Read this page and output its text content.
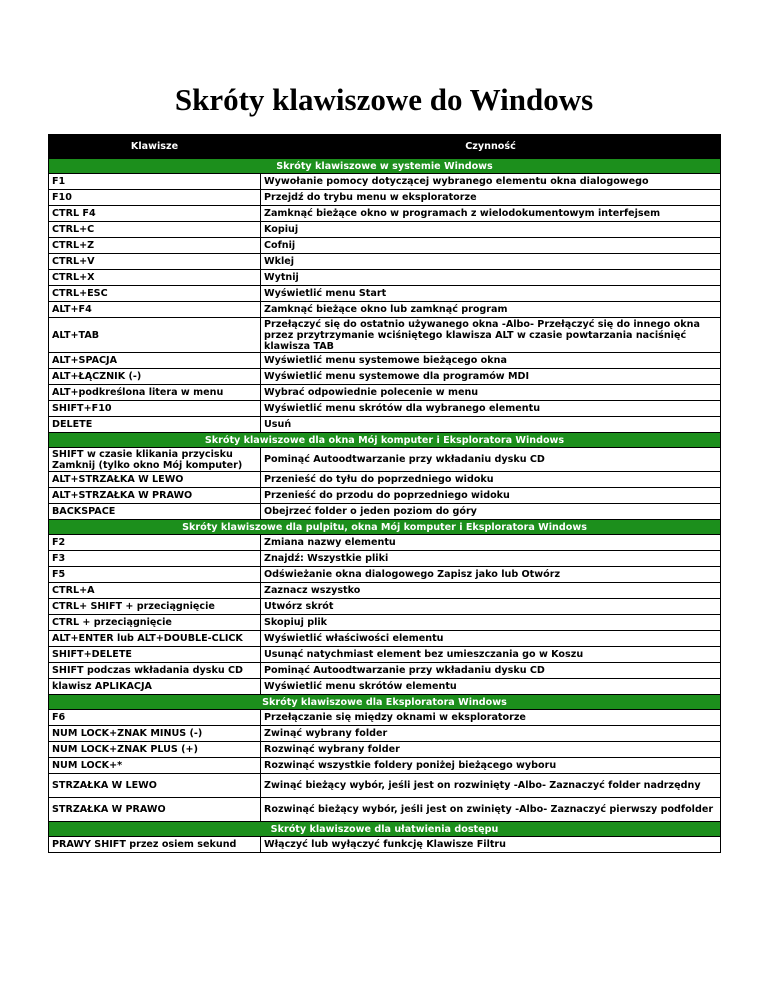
Skróty klawiszowe do Windows
Klawisze	Czynność
Skróty klawiszowe w systemie Windows	
F1	Wywołanie pomocy dotyczącej wybranego elementu okna dialogowego
F10	Przejdź do trybu menu w eksploratorze
CTRL F4	Zamknąć bieżące okno w programach z wielodokumentowym interfejsem
CTRL+C	Kopiuj
CTRL+Z	Cofnij
CTRL+V	Wklej
CTRL+X	Wytnij
CTRL+ESC	Wyświetlić menu Start
ALT+F4	Zamknąć bieżące okno lub zamknąć program
ALT+TAB	Przełączyć się do ostatnio używanego okna -Albo- Przełączyć się do innego okna przez przytrzymanie wciśniętego klawisza ALT w czasie powtarzania naciśnięć klawisza TAB
ALT+SPACJA	Wyświetlić menu systemowe bieżącego okna
ALT+ŁĄCZNIK (-)	Wyświetlić menu systemowe dla programów MDI
ALT+podkreślona litera w menu	Wybrać odpowiednie polecenie w menu
SHIFT+F10	Wyświetlić menu skrótów dla wybranego elementu
DELETE	Usuń
Skróty klawiszowe dla okna Mój komputer i Eksploratora Windows	
SHIFT w czasie klikania przycisku Zamknij (tylko okno Mój komputer)	Pominąć Autoodtwarzanie przy wkładaniu dysku CD
ALT+STRZAŁKA W LEWO	Przenieść do tyłu do poprzedniego widoku
ALT+STRZAŁKA W PRAWO	Przenieść do przodu do poprzedniego widoku
BACKSPACE	Obejrzeć folder o jeden poziom do góry
Skróty klawiszowe dla pulpitu, okna Mój komputer i Eksploratora Windows	
F2	Zmiana nazwy elementu
F3	Znajdź: Wszystkie pliki
F5	Odświeżanie okna dialogowego Zapisz jako lub Otwórz
CTRL+A	Zaznacz wszystko
CTRL+ SHIFT + przeciągnięcie	Utwórz skrót
CTRL + przeciągnięcie	Skopiuj plik
ALT+ENTER lub ALT+DOUBLE-CLICK	Wyświetlić właściwości elementu
SHIFT+DELETE	Usunąć natychmiast element bez umieszczania go w Koszu
SHIFT podczas wkładania dysku CD	Pominąć Autoodtwarzanie przy wkładaniu dysku CD
klawisz APLIKACJA	Wyświetlić menu skrótów elementu
Skróty klawiszowe dla Eksploratora Windows	
F6	Przełączanie się między oknami w eksploratorze
NUM LOCK+ZNAK MINUS (-)	Zwinąć wybrany folder
NUM LOCK+ZNAK PLUS (+)	Rozwinąć wybrany folder
NUM LOCK+*	Rozwinąć wszystkie foldery poniżej bieżącego wyboru
STRZAŁKA W LEWO	Zwinąć bieżący wybór, jeśli jest on rozwinięty -Albo- Zaznaczyć folder nadrzędny
STRZAŁKA W PRAWO	Rozwinąć bieżący wybór, jeśli jest on zwinięty -Albo- Zaznaczyć pierwszy podfolder
Skróty klawiszowe dla ułatwienia dostępu	
PRAWY SHIFT przez osiem sekund	Włączyć lub wyłączyć funkcję Klawisze Filtru
